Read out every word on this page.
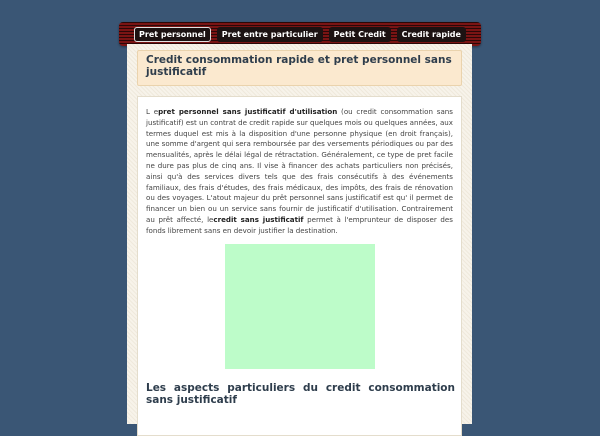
Pret personnel	Pret entre particulier	Petit Credit	Credit rapide
Credit consommation rapide et pret personnel sans justificatif

L epret personnel sans justificatif d'utilisation (ou credit consommation sans justificatif) est un contrat de credit rapide sur quelques mois ou quelques années, aux termes duquel est mis à la disposition d'une personne physique (en droit français), une somme d'argent qui sera remboursée par des versements périodiques ou par des mensualités, après le délai légal de rétractation. Généralement, ce type de pret facile ne dure pas plus de cinq ans. Il vise à financer des achats particuliers non précisés, ainsi qu'à des services divers tels que des frais consécutifs à des événements familiaux, des frais d'études, des frais médicaux, des impôts, des frais de rénovation ou des voyages. L'atout majeur du prêt personnel sans justificatif est qu' il permet de financer un bien ou un service sans fournir de justificatif d'utilisation. Contrairement au prêt affecté, lecredit sans justificatif permet à l'emprunteur de disposer des fonds librement sans en devoir justifier la destination.

Les aspects particuliers du credit consommation sans justificatif
